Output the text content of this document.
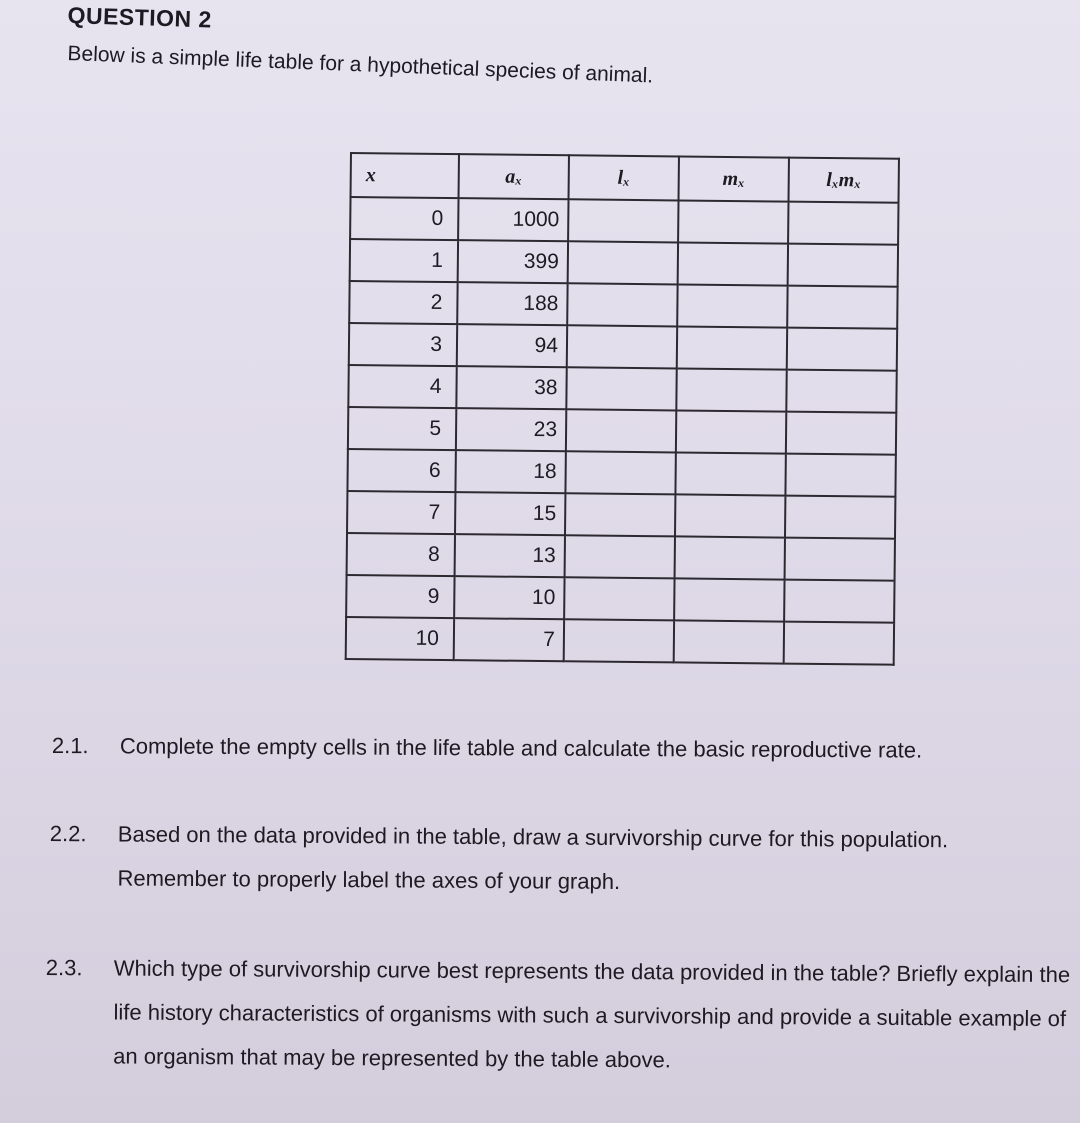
QUESTION 2
Below is a simple life table for a hypothetical species of animal.
x	aₓ	lₓ	mₓ	lₓmₓ
0	1000			
1	399			
2	188			
3	94			
4	38			
5	23			
6	18			
7	15			
8	13			
9	10			
10	7			
2.1. Complete the empty cells in the life table and calculate the basic reproductive rate.
2.2. Based on the data provided in the table, draw a survivorship curve for this population. Remember to properly label the axes of your graph.
2.3. Which type of survivorship curve best represents the data provided in the table? Briefly explain the life history characteristics of organisms with such a survivorship and provide a suitable example of an organism that may be represented by the table above.
